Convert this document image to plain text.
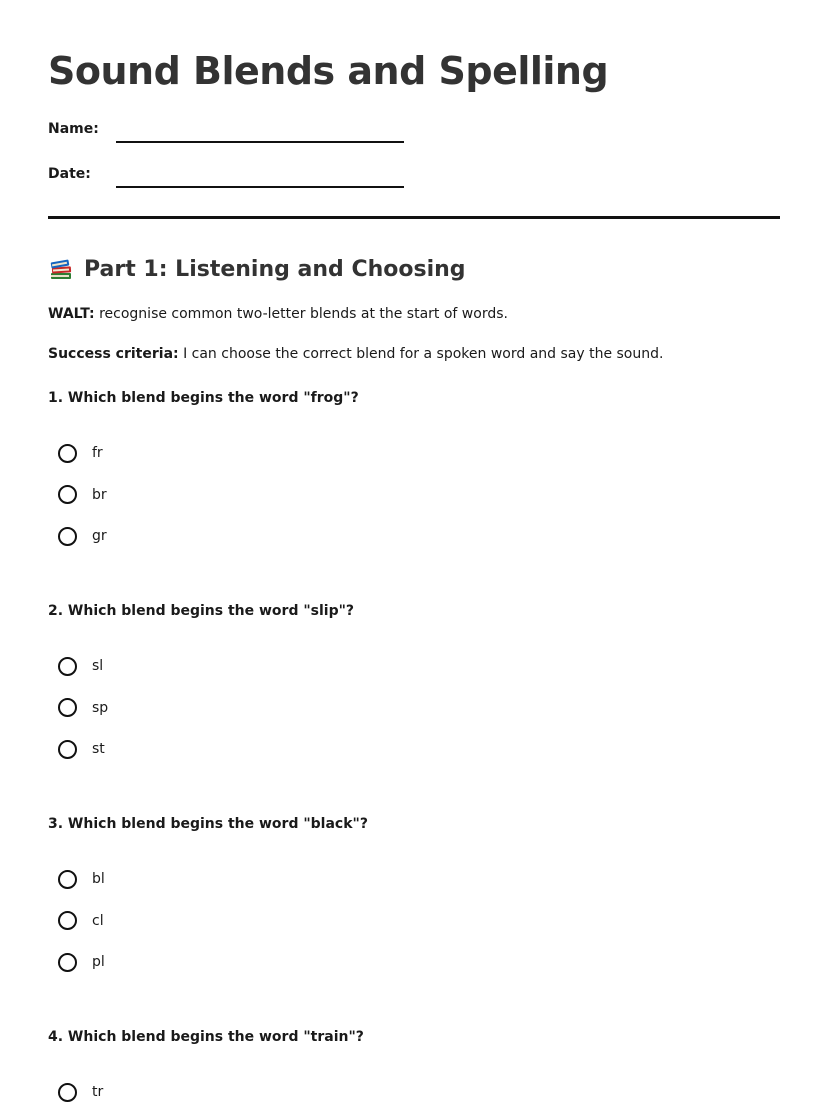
Sound Blends and Spelling
Name:
Date:
Part 1: Listening and Choosing
WALT: recognise common two-letter blends at the start of words.
Success criteria: I can choose the correct blend for a spoken word and say the sound.
1. Which blend begins the word "frog"?
fr
br
gr
2. Which blend begins the word "slip"?
sl
sp
st
3. Which blend begins the word "black"?
bl
cl
pl
4. Which blend begins the word "train"?
tr
